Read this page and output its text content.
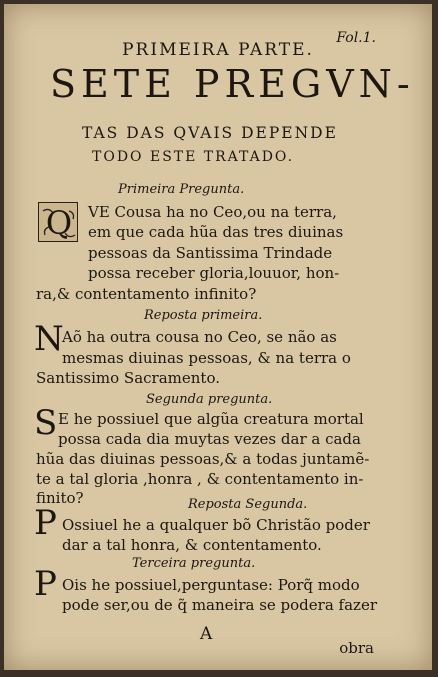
Fol.1.
PRIMEIRA PARTE.
SETE PREGVN-
TAS DAS QVAIS DEPENDE
TODO ESTE TRATADO.
Primeira Pregunta.
Q	VE Cousa ha no Ceo,ou na terra,
em que cada hũa das tres diuinas
pessoas da Santissima Trindade
possa receber gloria,louuor, hon-
ra,& contentamento infinito?
Reposta primeira.
N
Aõ ha outra cousa no Ceo, se não as
mesmas diuinas pessoas, & na terra o
Santissimo Sacramento.
Segunda pregunta.
S E he possiuel que algũa creatura mortal
possa cada dia muytas vezes dar a cada
hũa das diuinas pessoas,& a todas juntamẽ-
te a tal gloria ,honra , & contentamento in-
finito?	Reposta Segunda.
P Ossiuel he a qualquer bõ Christão poder
dar a tal honra, & contentamento.
Terceira pregunta.
P Ois he possiuel,perguntase: Porq̃ modo
pode ser,ou de q̃ maneira se podera fazer
A
obra
